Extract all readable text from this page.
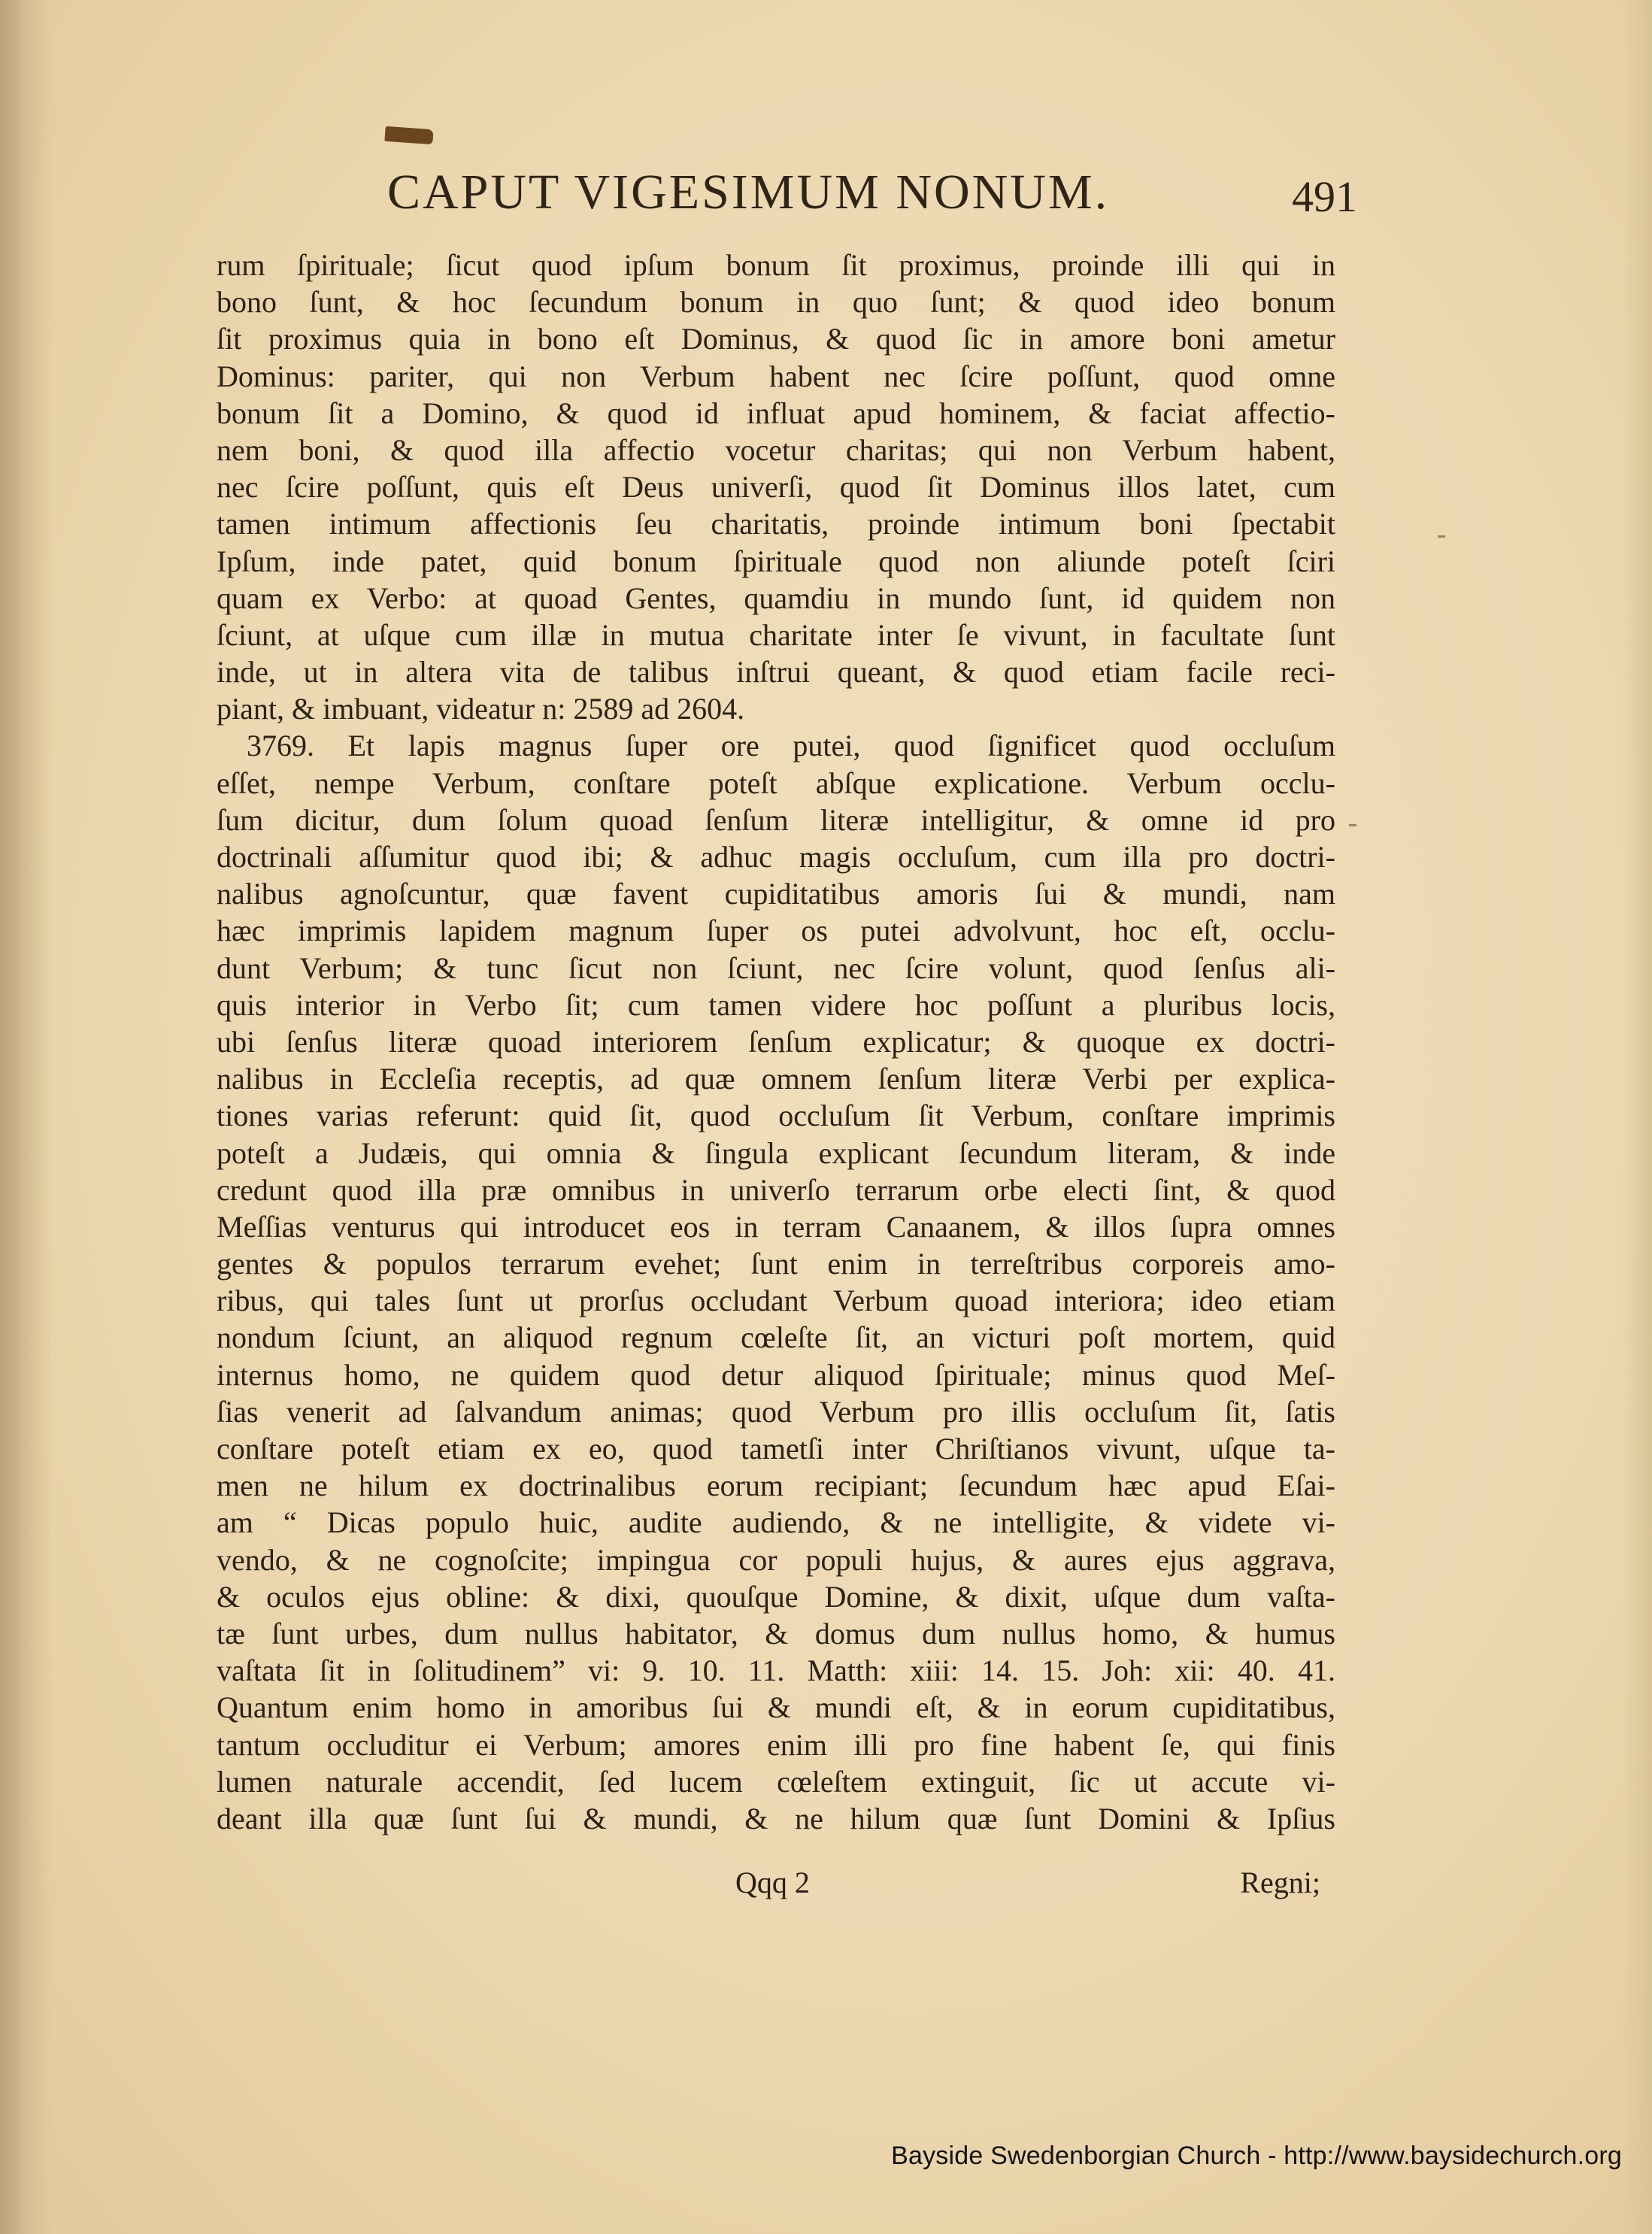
CAPUT VIGESIMUM NONUM.	491
rum ſpirituale; ſicut quod ipſum bonum ſit proximus, proinde illi qui in
bono ſunt, & hoc ſecundum bonum in quo ſunt; & quod ideo bonum
ſit proximus quia in bono eſt Dominus, & quod ſic in amore boni ametur
Dominus: pariter, qui non Verbum habent nec ſcire poſſunt, quod omne
bonum ſit a Domino, & quod id influat apud hominem, & faciat affectio-
nem boni, & quod illa affectio vocetur charitas; qui non Verbum habent,
nec ſcire poſſunt, quis eſt Deus univerſi, quod ſit Dominus illos latet, cum
tamen intimum affectionis ſeu charitatis, proinde intimum boni ſpectabit
Ipſum, inde patet, quid bonum ſpirituale quod non aliunde poteſt ſciri
quam ex Verbo: at quoad Gentes, quamdiu in mundo ſunt, id quidem non
ſciunt, at uſque cum illæ in mutua charitate inter ſe vivunt, in facultate ſunt
inde, ut in altera vita de talibus inſtrui queant, & quod etiam facile reci-
piant, & imbuant, videatur n: 2589 ad 2604.
3769. Et lapis magnus ſuper ore putei, quod ſignificet quod occluſum
eſſet, nempe Verbum, conſtare poteſt abſque explicatione. Verbum occlu-
ſum dicitur, dum ſolum quoad ſenſum literæ intelligitur, & omne id pro
doctrinali aſſumitur quod ibi; & adhuc magis occluſum, cum illa pro doctri-
nalibus agnoſcuntur, quæ favent cupiditatibus amoris ſui & mundi, nam
hæc imprimis lapidem magnum ſuper os putei advolvunt, hoc eſt, occlu-
dunt Verbum; & tunc ſicut non ſciunt, nec ſcire volunt, quod ſenſus ali-
quis interior in Verbo ſit; cum tamen videre hoc poſſunt a pluribus locis,
ubi ſenſus literæ quoad interiorem ſenſum explicatur; & quoque ex doctri-
nalibus in Eccleſia receptis, ad quæ omnem ſenſum literæ Verbi per explica-
tiones varias referunt: quid ſit, quod occluſum ſit Verbum, conſtare imprimis
poteſt a Judæis, qui omnia & ſingula explicant ſecundum literam, & inde
credunt quod illa præ omnibus in univerſo terrarum orbe electi ſint, & quod
Meſſias venturus qui introducet eos in terram Canaanem, & illos ſupra omnes
gentes & populos terrarum evehet; ſunt enim in terreſtribus corporeis amo-
ribus, qui tales ſunt ut prorſus occludant Verbum quoad interiora; ideo etiam
nondum ſciunt, an aliquod regnum cœleſte ſit, an victuri poſt mortem, quid
internus homo, ne quidem quod detur aliquod ſpirituale; minus quod Meſ-
ſias venerit ad ſalvandum animas; quod Verbum pro illis occluſum ſit, ſatis
conſtare poteſt etiam ex eo, quod tametſi inter Chriſtianos vivunt, uſque ta-
men ne hilum ex doctrinalibus eorum recipiant; ſecundum hæc apud Eſai-
am “ Dicas populo huic, audite audiendo, & ne intelligite, & videte vi-
vendo, & ne cognoſcite; impingua cor populi hujus, & aures ejus aggrava,
& oculos ejus obline: & dixi, quouſque Domine, & dixit, uſque dum vaſta-
tæ ſunt urbes, dum nullus habitator, & domus dum nullus homo, & humus
vaſtata ſit in ſolitudinem” vi: 9. 10. 11. Matth: xiii: 14. 15. Joh: xii: 40. 41.
Quantum enim homo in amoribus ſui & mundi eſt, & in eorum cupiditatibus,
tantum occluditur ei Verbum; amores enim illi pro fine habent ſe, qui finis
lumen naturale accendit, ſed lucem cœleſtem extinguit, ſic ut accute vi-
deant illa quæ ſunt ſui & mundi, & ne hilum quæ ſunt Domini & Ipſius
Qqq 2	Regni;
Bayside Swedenborgian Church - http://www.baysidechurch.org
